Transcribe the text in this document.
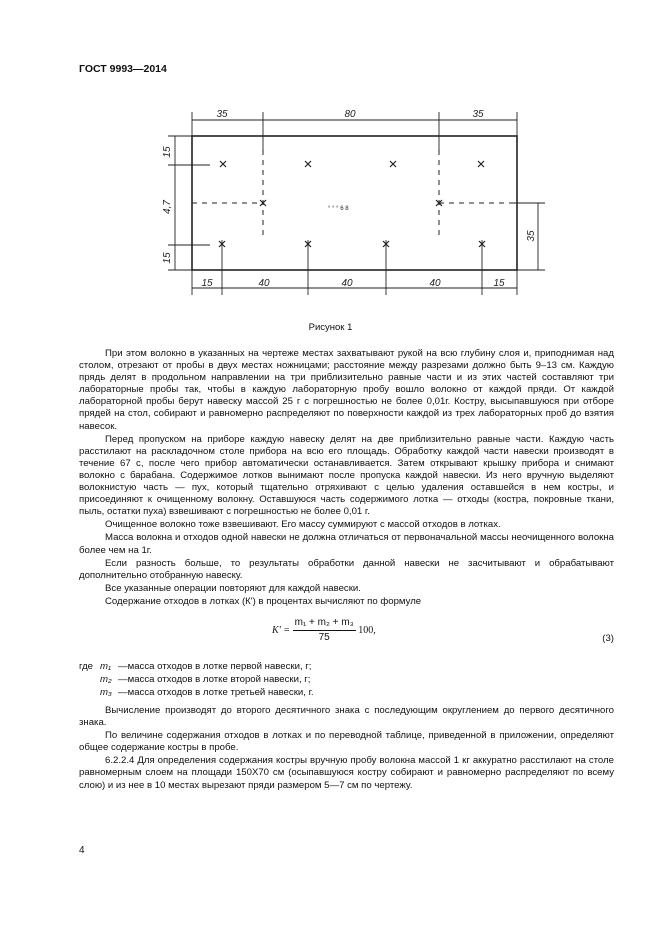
ГОСТ 9993—2014
35	80	35
15	40	40	40	15
15
4,7
15
35
° ° ° 6 8
Рисунок 1

При этом волокно в указанных на чертеже местах захватывают рукой на всю глубину слоя и, приподнимая над столом, отрезают от пробы в двух местах ножницами; расстояние между разрезами должно быть 9–13 см. Каждую прядь делят в продольном направлении на три приблизительно равные части и из этих частей составляют три лабораторные пробы так, чтобы в каждую лабораторную пробу вошло волокно от каждой пряди. От каждой лабораторной пробы берут навеску массой 25 г с погрешностью не более 0,01г. Кострy, высыпавшуюся при отборе прядей на стол, собирают и равномерно распределяют по поверхности каждой из трех лабораторных проб до взятия навесок.

Перед пропуском на приборе каждую навеску делят на две приблизительно равные части. Каждую часть расстилают на раскладочном столе прибора на всю его площадь. Обработку каждой части навески производят в течение 67 с, после чего прибор автоматически останавливается. Затем открывают крышку прибора и снимают волокно с барабана. Содержимое лотков вынимают после пропуска каждой навески. Из него вручную выделяют волокнистую часть — пух, который тщательно отряхивают с целью удаления оставшейся в нем костры, и присоединяют к очищенному волокну. Оставшуюся часть содержимого лотка — отходы (кострa, покровные ткани, пыль, остатки пуха) взвешивают с погрешностью не более 0,01 г.

Очищенное волокно тоже взвешивают. Его массу суммируют с массой отходов в лотках.

Масса волокна и отходов одной навески не должна отличаться от первоначальной массы неочищенного волокна более чем на 1г.

Если разность больше, то результаты обработки данной навески не засчитывают и обрабатывают дополнительно отобранную навеску.

Все указанные операции повторяют для каждой навески.

Содержание отходов в лотках (К') в процентах вычисляют по формуле

$K' = \frac{\text{m₁ + m₂ + m₃}}{75} 100$,
(3)
где m₁ —масса отходов в лотке первой навески, г;
m₂ —масса отходов в лотке второй навески, г;
m₃ —масса отходов в лотке третьей навески, г.

Вычисление производят до второго десятичного знака с последующим округлением до первого десятичного знака.

По величине содержания отходов в лотках и по переводной таблице, приведенной в приложении, определяют общее содержание костры в пробе.

6.2.2.4 Для определения содержания костры вручную пробу волокна массой 1 кг аккуратно расстилают на столе равномерным слоем на площади 150Х70 см (осыпавшуюся кострy собирают и равномерно распределяют по всему слою) и из нее в 10 местах вырезают пряди размером 5—7 см по чертежу.

4
